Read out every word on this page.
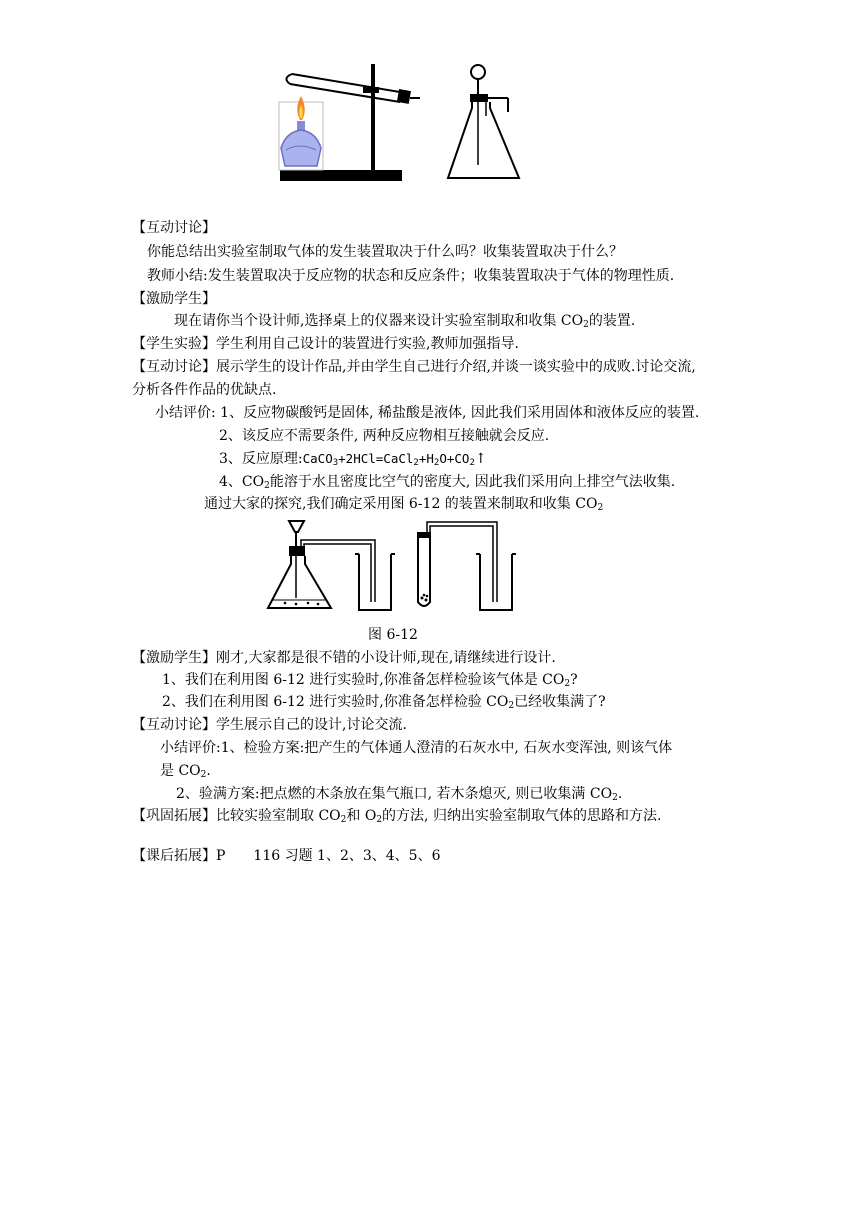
【互动讨论】
你能总结出实验室制取气体的发生装置取决于什么吗？收集装置取决于什么？
教师小结:发生装置取决于反应物的状态和反应条件；收集装置取决于气体的物理性质.
【激励学生】
现在请你当个设计师,选择桌上的仪器来设计实验室制取和收集 $CO_2$的装置.
【学生实验】学生利用自己设计的装置进行实验,教师加强指导.
【互动讨论】展示学生的设计作品,并由学生自己进行介绍,并谈一谈实验中的成败.讨论交流,
分析各件作品的优缺点.
小结评价: 1、反应物碳酸钙是固体, 稀盐酸是液体, 因此我们采用固体和液体反应的装置.
2、该反应不需要条件, 两种反应物相互接触就会反应.
3、反应原理$:CaCO_3+2HCl=CaCl_2+H_2O+CO_2↑$
4、$CO_2$能溶于水且密度比空气的密度大, 因此我们采用向上排空气法收集.
通过大家的探究,我们确定采用图 6-12 的装置来制取和收集 $CO_2$
图 6-12
【激励学生】刚才,大家都是很不错的小设计师,现在,请继续进行设计.
1、我们在利用图 6-12 进行实验时,你准备怎样检验该气体是 $CO_2$?
2、我们在利用图 6-12 进行实验时,你准备怎样检验 $CO_2$已经收集满了?
【互动讨论】学生展示自己的设计,讨论交流.
小结评价:1、检验方案:把产生的气体通人澄清的石灰水中, 石灰水变浑浊, 则该气体
是 $CO_2$.
2、验满方案:把点燃的木条放在集气瓶口, 若木条熄灭, 则已收集满 $CO_2$.
【巩固拓展】比较实验室制取 $CO_2$和 $O_2$的方法, 归纳出实验室制取气体的思路和方法.
【课后拓展】P　　116 习题 1、2、3、4、5、6
